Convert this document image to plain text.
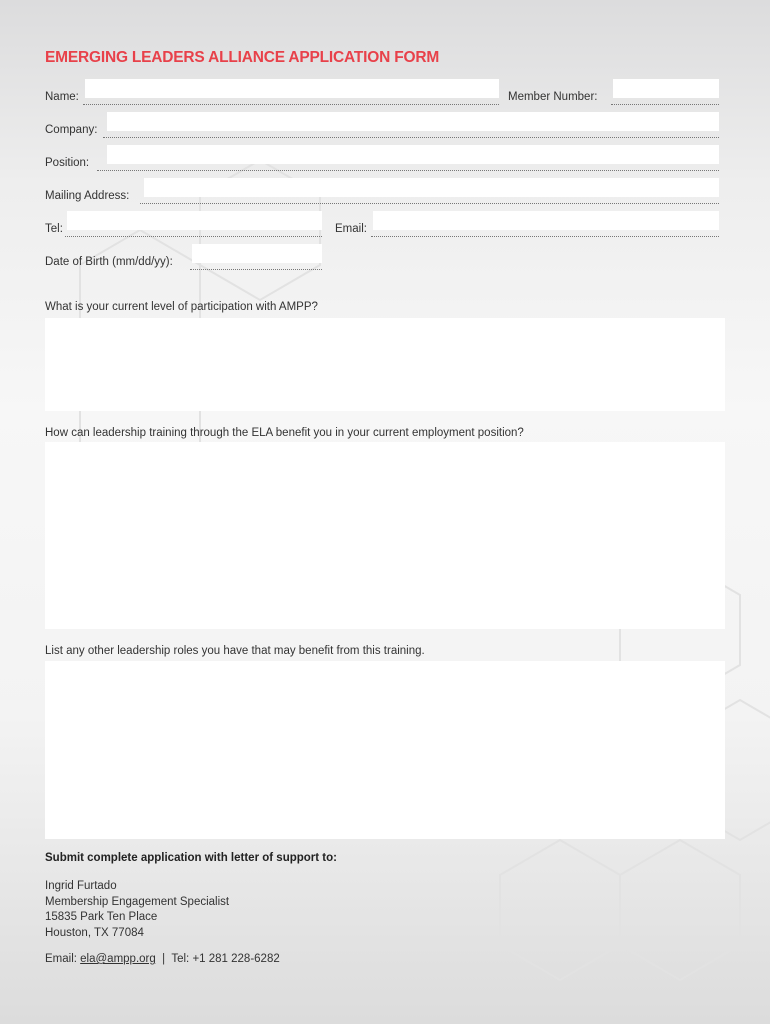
EMERGING LEADERS ALLIANCE APPLICATION FORM
Name:	Member Number:
Company:
Position:
Mailing Address:
Tel:	Email:
Date of Birth (mm/dd/yy):
What is your current level of participation with AMPP?
How can leadership training through the ELA benefit you in your current employment position?
List any other leadership roles you have that may benefit from this training.
Submit complete application with letter of support to:
Ingrid Furtado
Membership Engagement Specialist
15835 Park Ten Place
Houston, TX 77084
Email: ela@ampp.org | Tel: +1 281 228-6282
